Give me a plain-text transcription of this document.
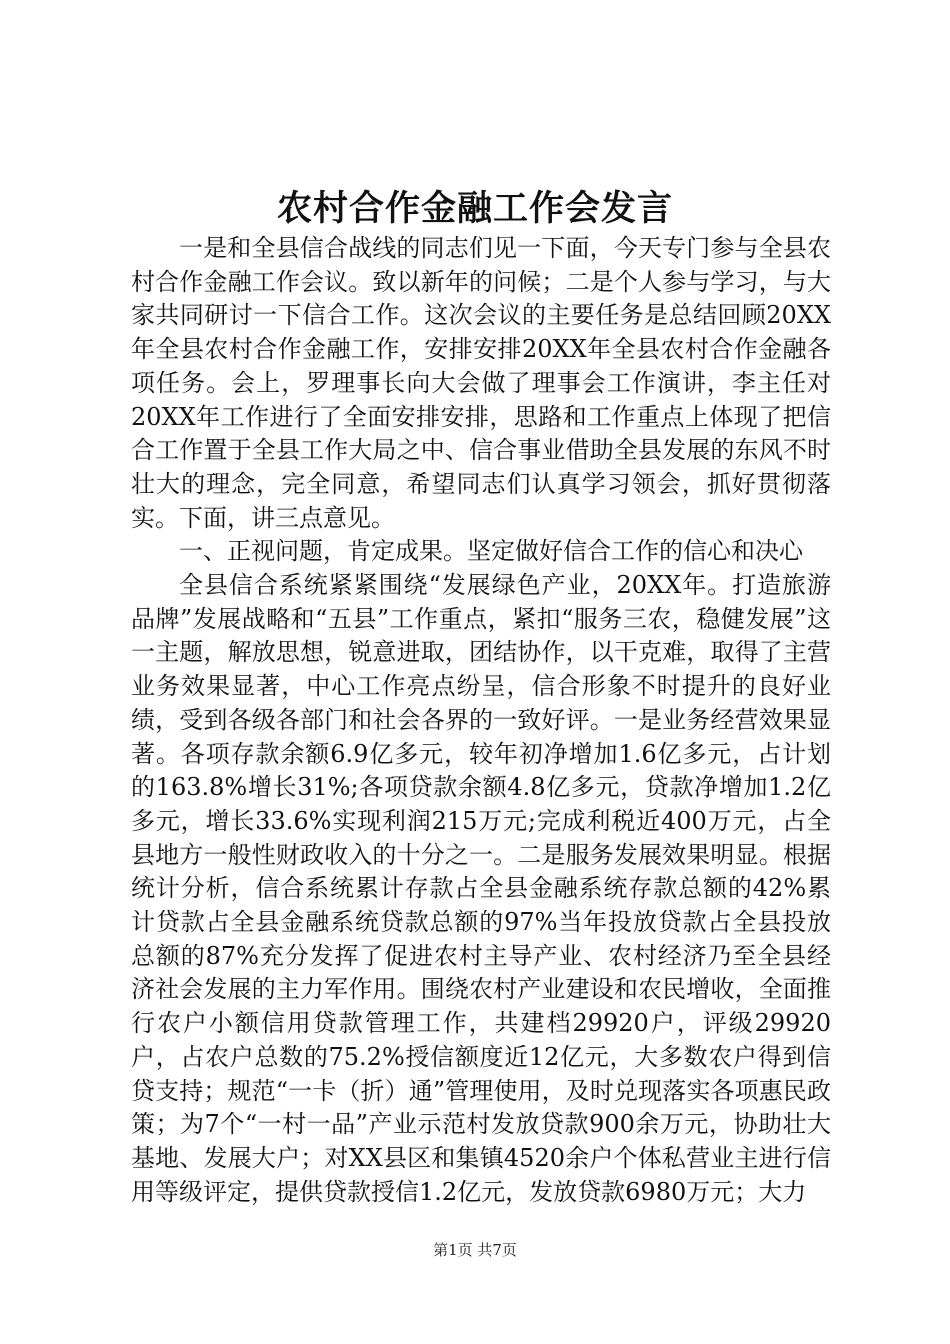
农村合作金融工作会发言

一是和全县信合战线的同志们见一下面，今天专门参与全县农村合作金融工作会议。致以新年的问候；二是个人参与学习，与大家共同研讨一下信合工作。这次会议的主要任务是总结回顾20XX年全县农村合作金融工作，安排安排20XX年全县农村合作金融各项任务。会上，罗理事长向大会做了理事会工作演讲，李主任对20XX年工作进行了全面安排安排，思路和工作重点上体现了把信合工作置于全县工作大局之中、信合事业借助全县发展的东风不时壮大的理念，完全同意，希望同志们认真学习领会，抓好贯彻落实。下面，讲三点意见。

一、正视问题，肯定成果。坚定做好信合工作的信心和决心

全县信合系统紧紧围绕“发展绿色产业，20XX年。打造旅游品牌”发展战略和“五县”工作重点，紧扣“服务三农，稳健发展”这一主题，解放思想，锐意进取，团结协作，以干克难，取得了主营业务效果显著，中心工作亮点纷呈，信合形象不时提升的良好业绩，受到各级各部门和社会各界的一致好评。一是业务经营效果显著。各项存款余额6.9亿多元，较年初净增加1.6亿多元，占计划的163.8%增长31%;各项贷款余额4.8亿多元，贷款净增加1.2亿多元，增长33.6%实现利润215万元;完成利税近400万元，占全县地方一般性财政收入的十分之一。二是服务发展效果明显。根据统计分析，信合系统累计存款占全县金融系统存款总额的42%累计贷款占全县金融系统贷款总额的97%当年投放贷款占全县投放总额的87%充分发挥了促进农村主导产业、农村经济乃至全县经济社会发展的主力军作用。围绕农村产业建设和农民增收，全面推行农户小额信用贷款管理工作，共建档29920户，评级29920户，占农户总数的75.2%授信额度近12亿元，大多数农户得到信贷支持；规范“一卡（折）通”管理使用，及时兑现落实各项惠民政策；为7个“一村一品”产业示范村发放贷款900余万元，协助壮大基地、发展大户；对XX县区和集镇4520余户个体私营业主进行信用等级评定，提供贷款授信1.2亿元，发放贷款6980万元；大力

第1页 共7页
